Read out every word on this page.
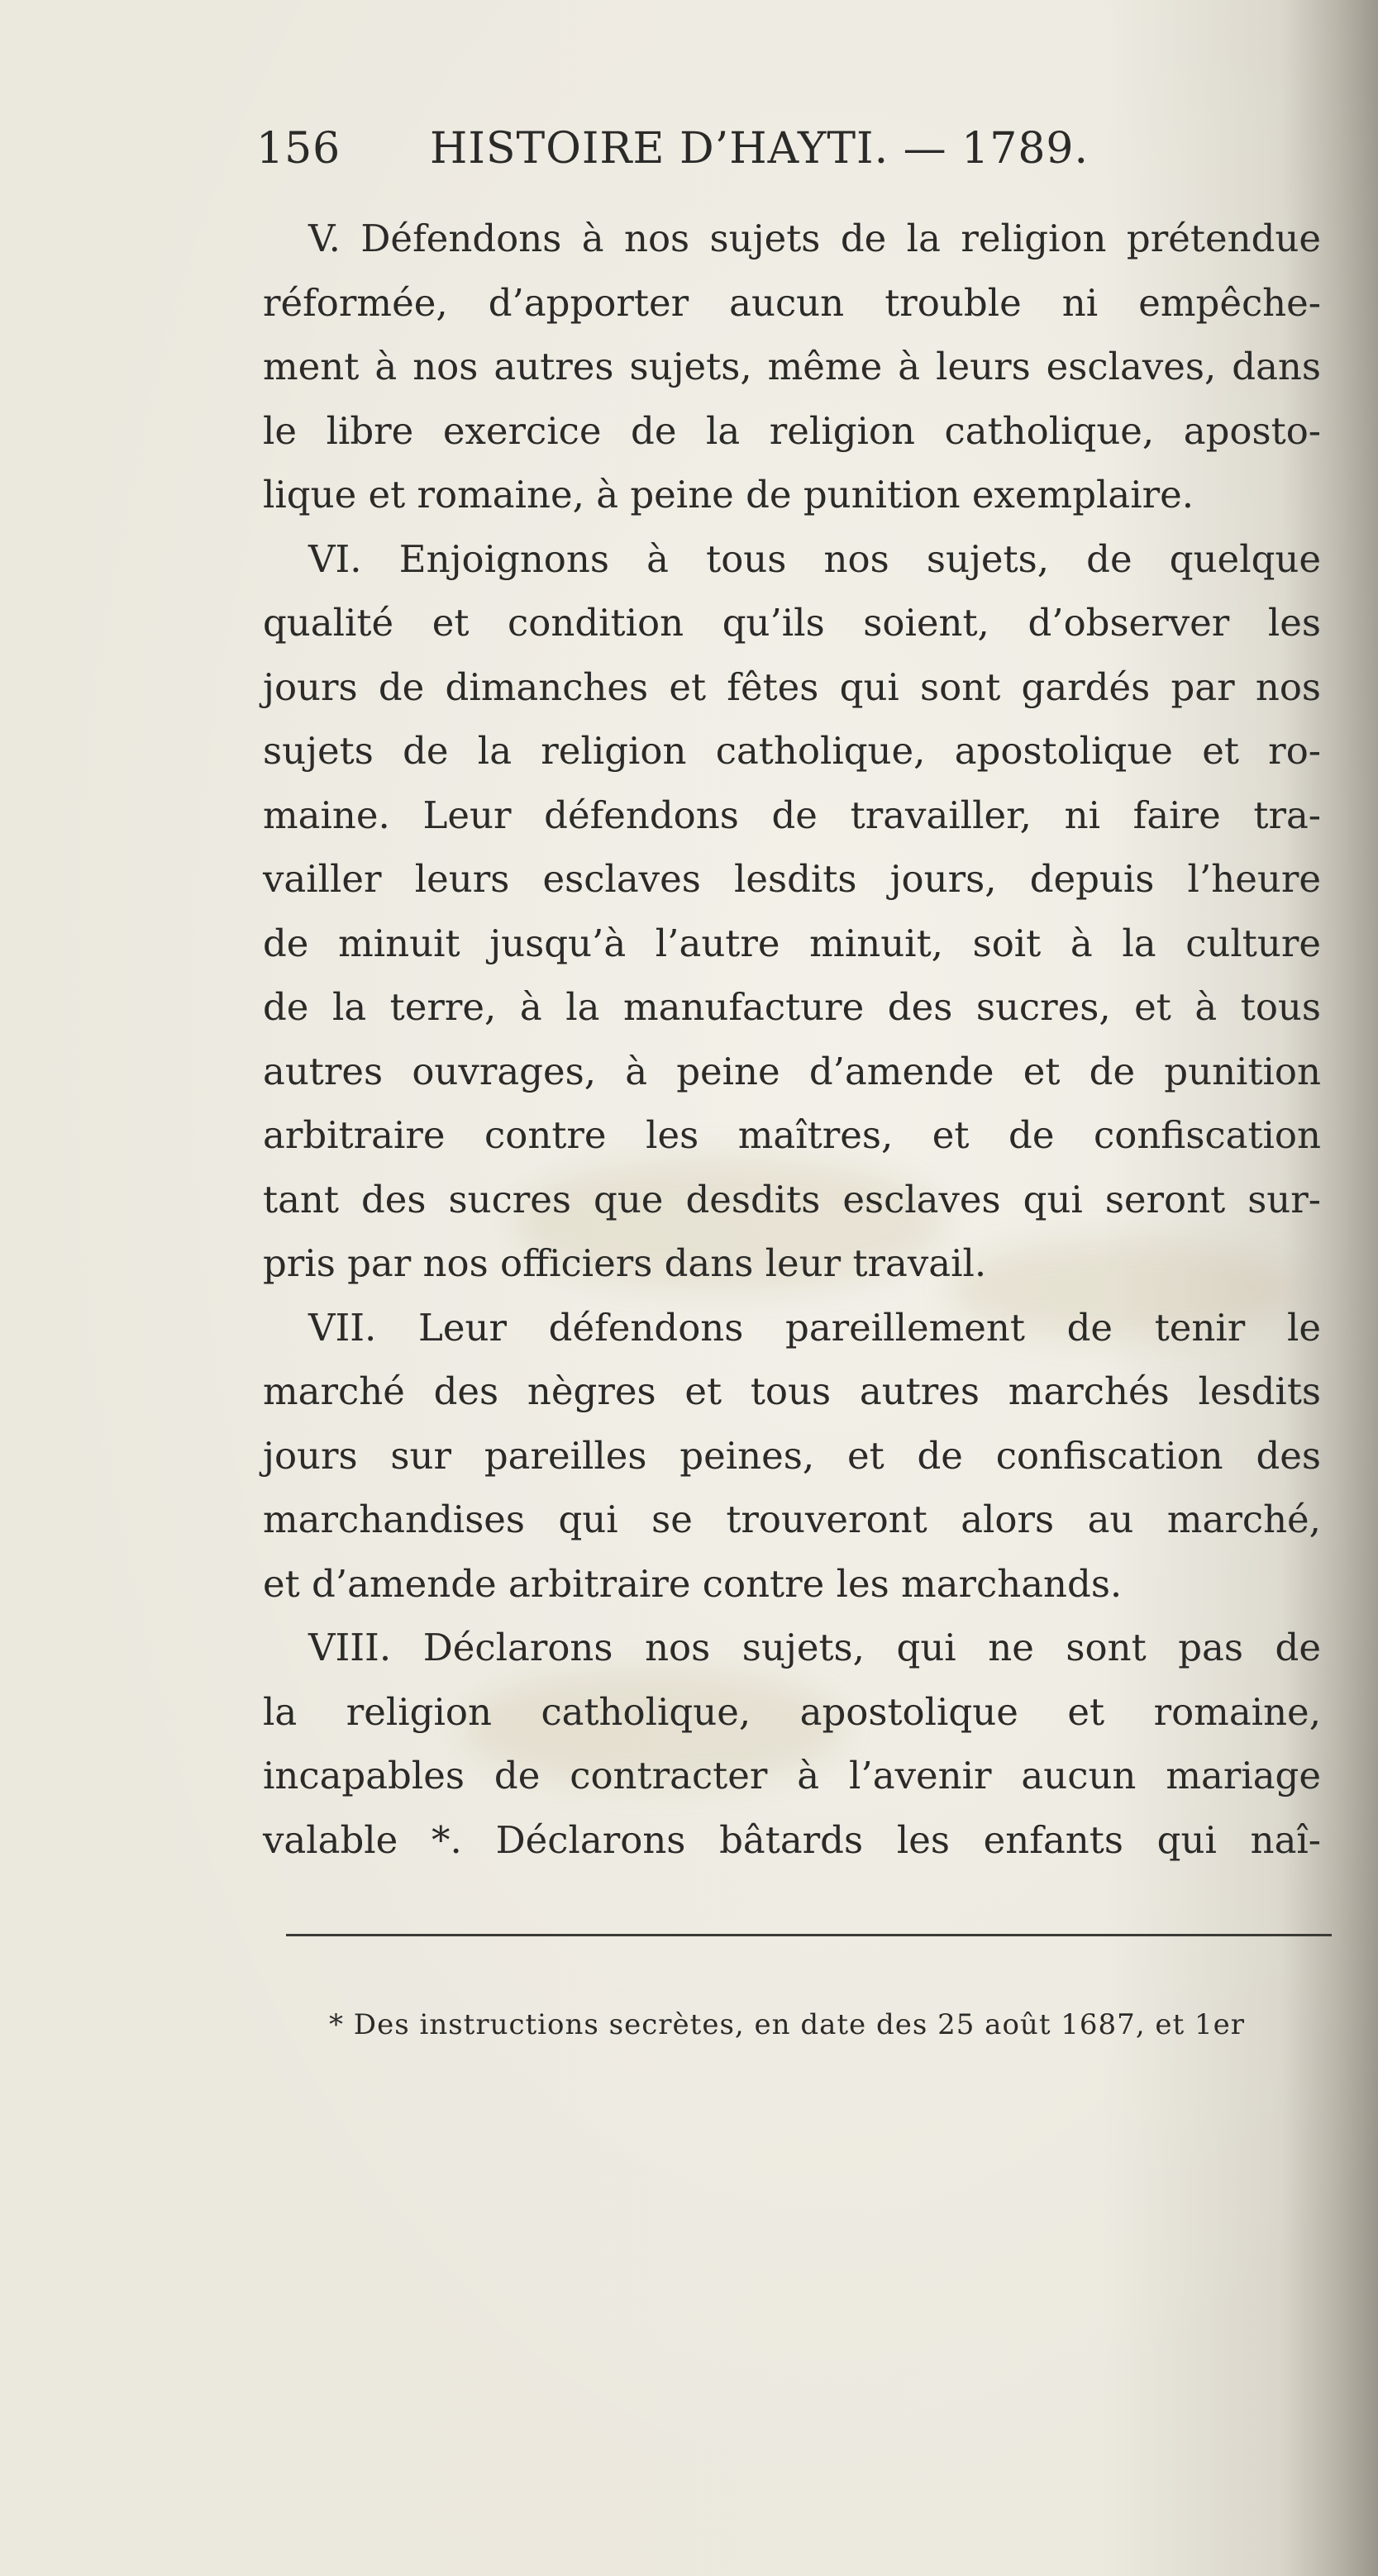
156 HISTOIRE D’HAYTI. — 1789.
V. Défendons à nos sujets de la religion prétendue
réformée, d’apporter aucun trouble ni empêche-
ment à nos autres sujets, même à leurs esclaves, dans
le libre exercice de la religion catholique, aposto-
lique et romaine, à peine de punition exemplaire.
VI. Enjoignons à tous nos sujets, de quelque
qualité et condition qu’ils soient, d’observer les
jours de dimanches et fêtes qui sont gardés par nos
sujets de la religion catholique, apostolique et ro-
maine. Leur défendons de travailler, ni faire tra-
vailler leurs esclaves lesdits jours, depuis l’heure
de minuit jusqu’à l’autre minuit, soit à la culture
de la terre, à la manufacture des sucres, et à tous
autres ouvrages, à peine d’amende et de punition
arbitraire contre les maîtres, et de confiscation
tant des sucres que desdits esclaves qui seront sur-
pris par nos officiers dans leur travail.
VII. Leur défendons pareillement de tenir le
marché des nègres et tous autres marchés lesdits
jours sur pareilles peines, et de confiscation des
marchandises qui se trouveront alors au marché,
et d’amende arbitraire contre les marchands.
VIII. Déclarons nos sujets, qui ne sont pas de
la religion catholique, apostolique et romaine,
incapables de contracter à l’avenir aucun mariage
valable *. Déclarons bâtards les enfants qui naî-
* Des instructions secrètes, en date des 25 août 1687, et 1er
